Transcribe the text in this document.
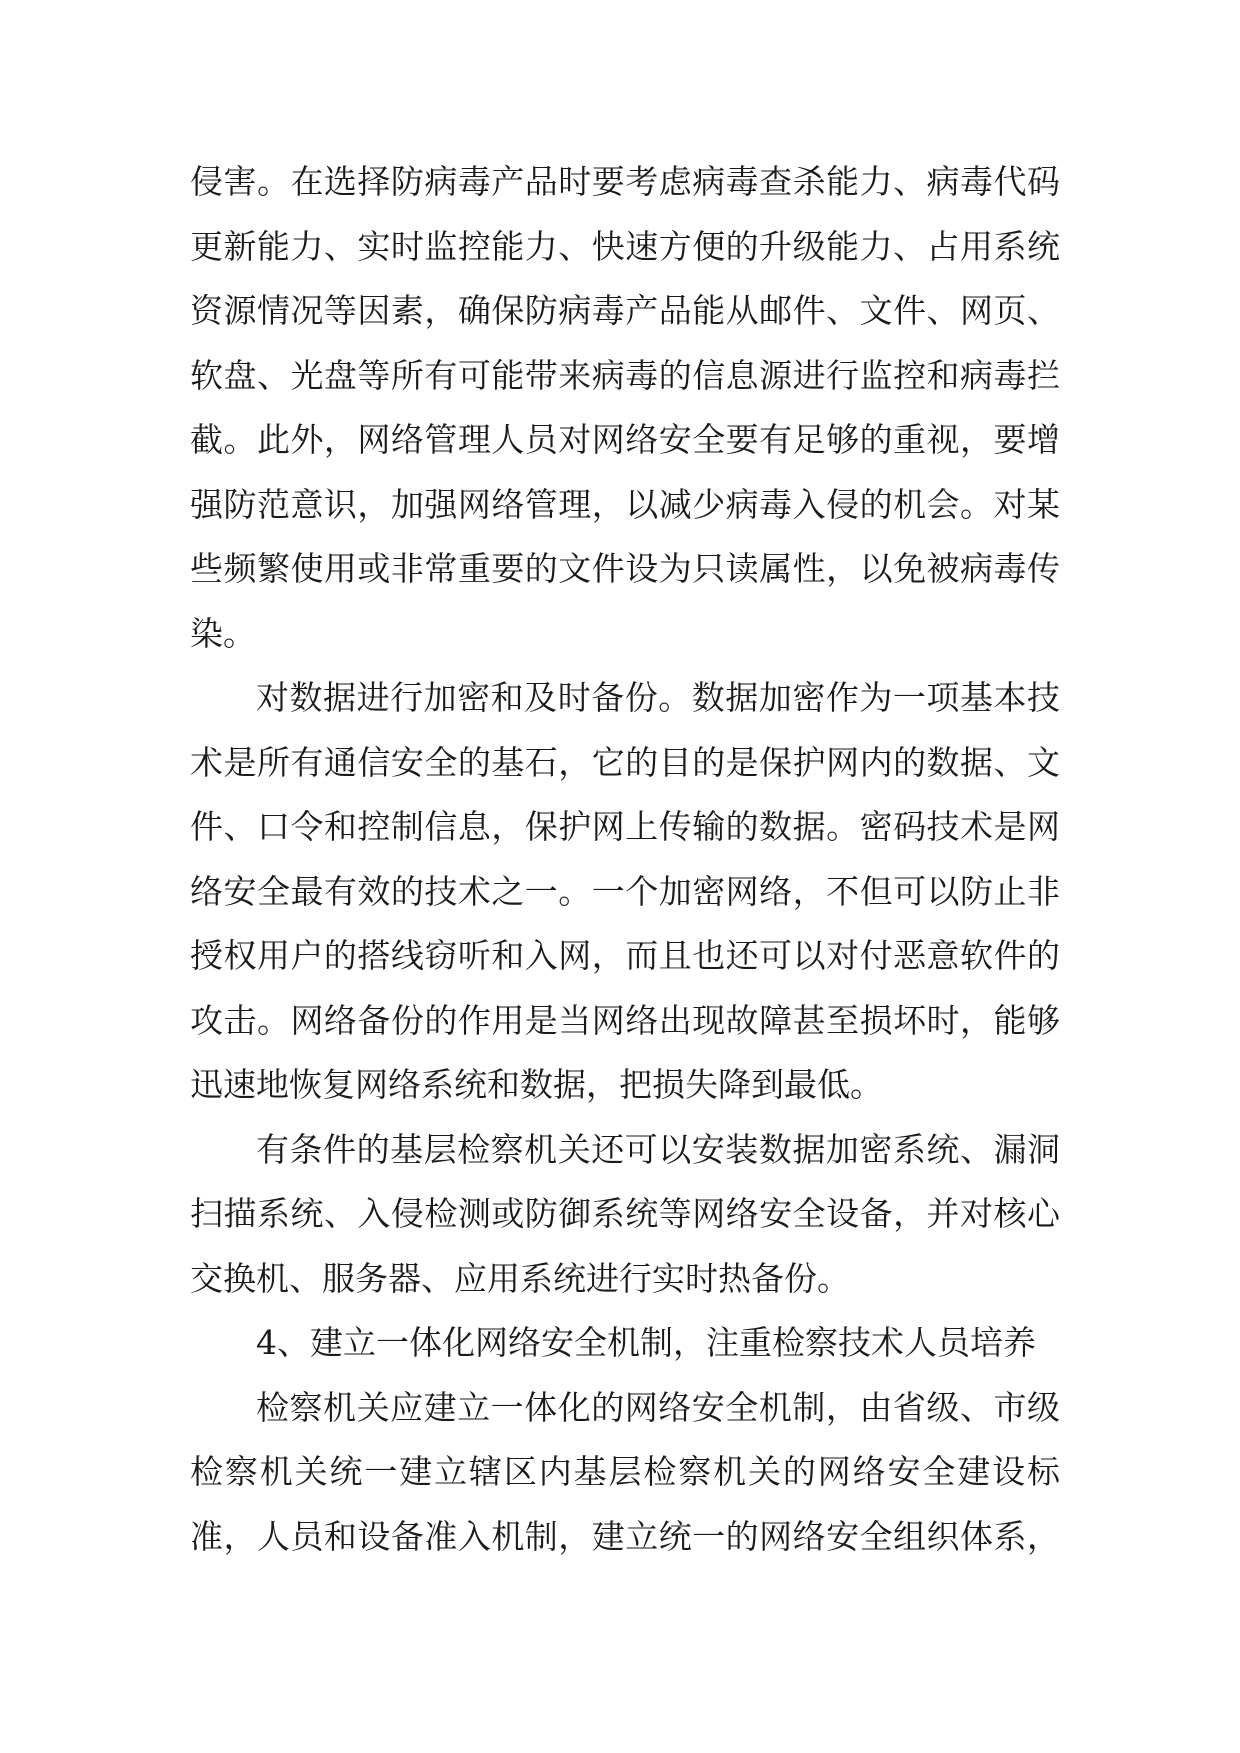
侵害。在选择防病毒产品时要考虑病毒查杀能力、病毒代码
更新能力、实时监控能力、快速方便的升级能力、占用系统
资源情况等因素，确保防病毒产品能从邮件、文件、网页、
软盘、光盘等所有可能带来病毒的信息源进行监控和病毒拦
截。此外，网络管理人员对网络安全要有足够的重视，要增
强防范意识，加强网络管理，以减少病毒入侵的机会。对某
些频繁使用或非常重要的文件设为只读属性，以免被病毒传
染。
对数据进行加密和及时备份。数据加密作为一项基本技
术是所有通信安全的基石，它的目的是保护网内的数据、文
件、口令和控制信息，保护网上传输的数据。密码技术是网
络安全最有效的技术之一。一个加密网络，不但可以防止非
授权用户的搭线窃听和入网，而且也还可以对付恶意软件的
攻击。网络备份的作用是当网络出现故障甚至损坏时，能够
迅速地恢复网络系统和数据，把损失降到最低。
有条件的基层检察机关还可以安装数据加密系统、漏洞
扫描系统、入侵检测或防御系统等网络安全设备，并对核心
交换机、服务器、应用系统进行实时热备份。
4、建立一体化网络安全机制，注重检察技术人员培养
检察机关应建立一体化的网络安全机制，由省级、市级
检察机关统一建立辖区内基层检察机关的网络安全建设标
准，人员和设备准入机制，建立统一的网络安全组织体系，
